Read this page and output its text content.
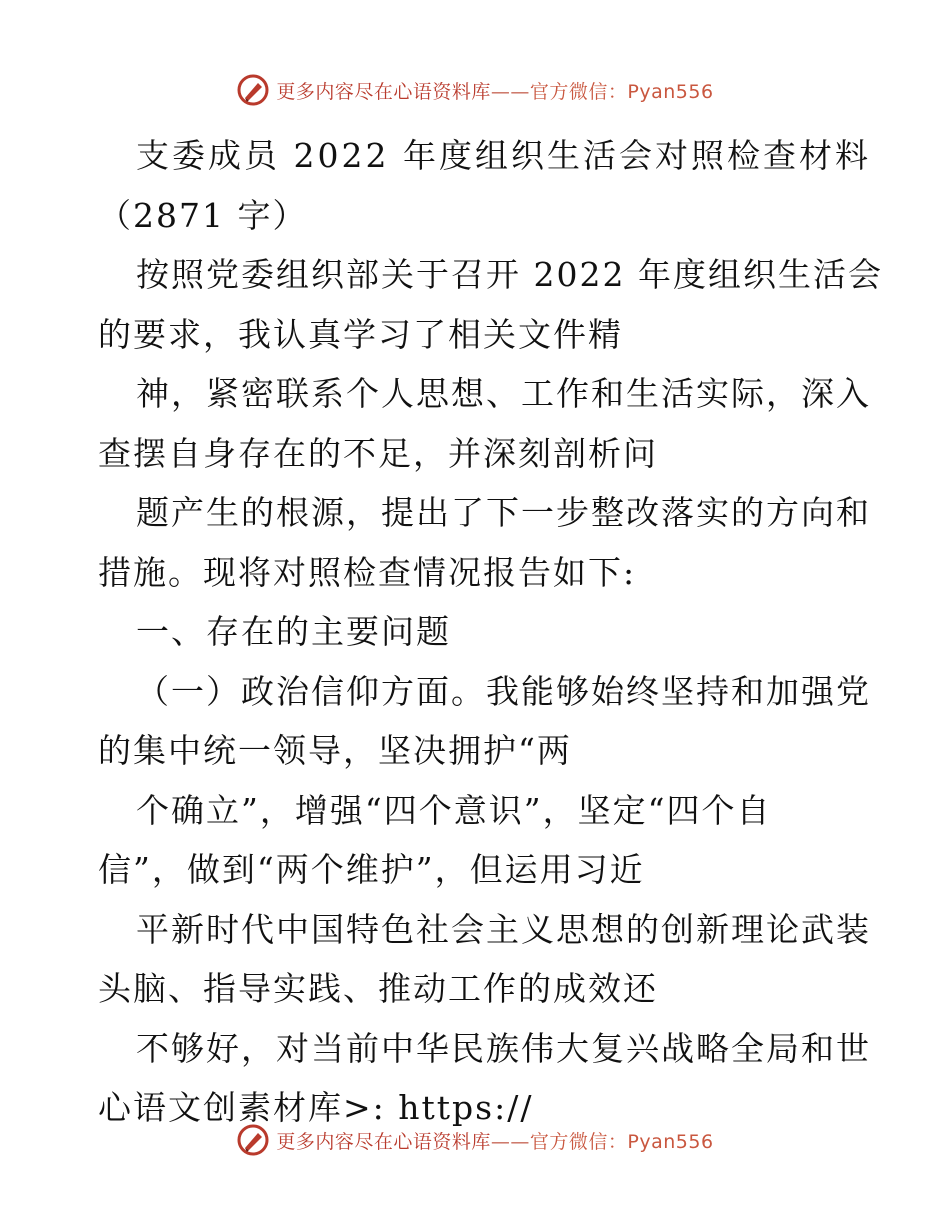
更多内容尽在心语资料库——官方微信：Pyan556
支委成员 2022 年度组织生活会对照检查材料
（2871 字）
按照党委组织部关于召开 2022 年度组织生活会
的要求，我认真学习了相关文件精
神，紧密联系个人思想、工作和生活实际，深入
查摆自身存在的不足，并深刻剖析问
题产生的根源，提出了下一步整改落实的方向和
措施。现将对照检查情况报告如下:
一、存在的主要问题
（一）政治信仰方面。我能够始终坚持和加强党
的集中统一领导，坚决拥护“两
个确立”，增强“四个意识”，坚定“四个自
信”，做到“两个维护”，但运用习近
平新时代中国特色社会主义思想的创新理论武装
头脑、指导实践、推动工作的成效还
不够好，对当前中华民族伟大复兴战略全局和世
心语文创素材库>: https://
更多内容尽在心语资料库——官方微信：Pyan556
